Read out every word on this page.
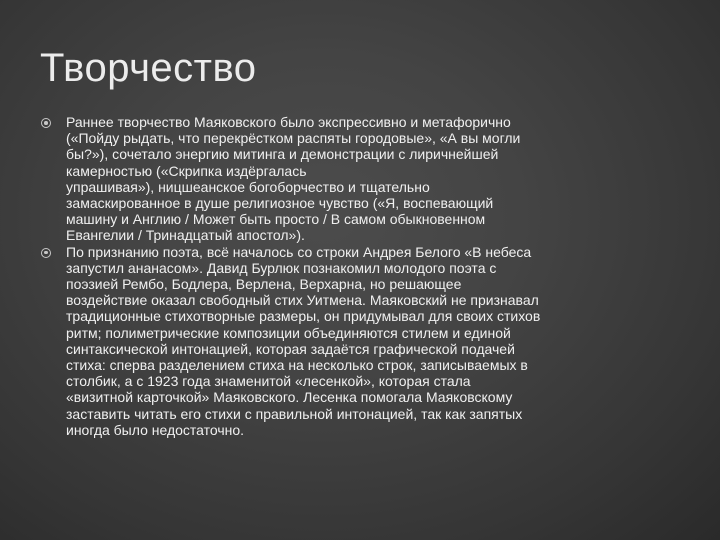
Творчество
Раннее творчество Маяковского было экспрессивно и метафорично
(«Пойду рыдать, что перекрёстком распяты городовые», «А вы могли
бы?»), сочетало энергию митинга и демонстрации с лиричнейшей
камерностью («Скрипка издёргалась
упрашивая»), ницшеанское богоборчество и тщательно
замаскированное в душе религиозное чувство («Я, воспевающий
машину и Англию / Может быть просто / В самом обыкновенном
Евангелии / Тринадцатый апостол»).
По признанию поэта, всё началось со строки Андрея Белого «В небеса
запустил ананасом». Давид Бурлюк познакомил молодого поэта с
поэзией Рембо, Бодлера, Верлена, Верхарна, но решающее
воздействие оказал свободный стих Уитмена. Маяковский не признавал
традиционные стихотворные размеры, он придумывал для своих стихов
ритм; полиметрические композиции объединяются стилем и единой
синтаксической интонацией, которая задаётся графической подачей
стиха: сперва разделением стиха на несколько строк, записываемых в
столбик, а с 1923 года знаменитой «лесенкой», которая стала
«визитной карточкой» Маяковского. Лесенка помогала Маяковскому
заставить читать его стихи с правильной интонацией, так как запятых
иногда было недостаточно.
